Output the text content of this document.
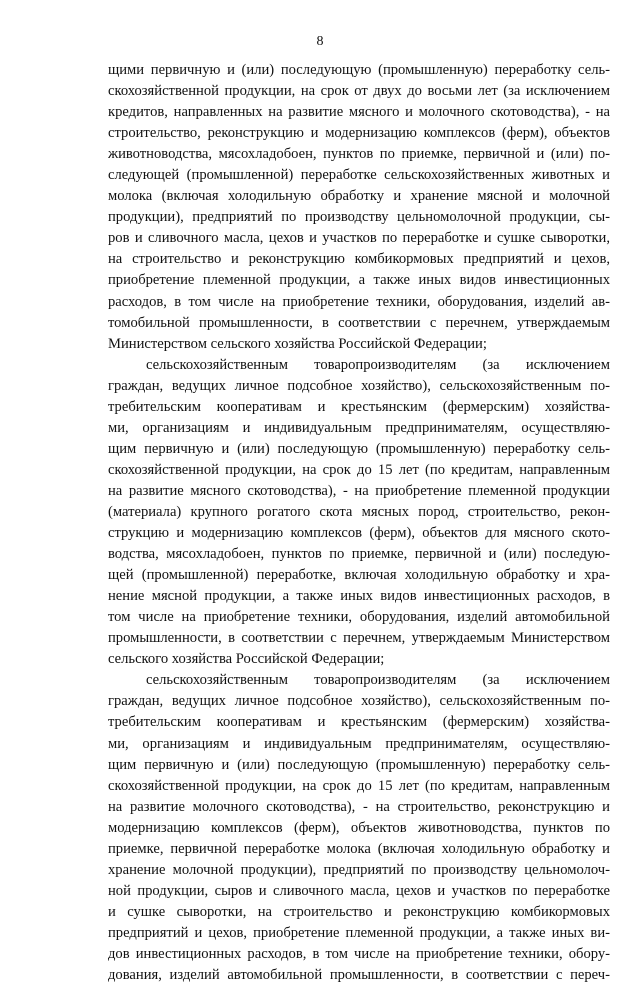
8
щими первичную и (или) последующую (промышленную) переработку сель-
скохозяйственной продукции, на срок от двух до восьми лет (за исключением
кредитов, направленных на развитие мясного и молочного скотоводства), - на
строительство, реконструкцию и модернизацию комплексов (ферм), объектов
животноводства, мясохладобоен, пунктов по приемке, первичной и (или) по-
следующей (промышленной) переработке сельскохозяйственных животных и
молока (включая холодильную обработку и хранение мясной и молочной
продукции), предприятий по производству цельномолочной продукции, сы-
ров и сливочного масла, цехов и участков по переработке и сушке сыворотки,
на строительство и реконструкцию комбикормовых предприятий и цехов,
приобретение племенной продукции, а также иных видов инвестиционных
расходов, в том числе на приобретение техники, оборудования, изделий ав-
томобильной промышленности, в соответствии с перечнем, утверждаемым
Министерством сельского хозяйства Российской Федерации;
сельскохозяйственным товаропроизводителям (за исключением
граждан, ведущих личное подсобное хозяйство), сельскохозяйственным по-
требительским кооперативам и крестьянским (фермерским) хозяйства-
ми, организациям и индивидуальным предпринимателям, осуществляю-
щим первичную и (или) последующую (промышленную) переработку сель-
скохозяйственной продукции, на срок до 15 лет (по кредитам, направленным
на развитие мясного скотоводства), - на приобретение племенной продукции
(материала) крупного рогатого скота мясных пород, строительство, рекон-
струкцию и модернизацию комплексов (ферм), объектов для мясного ското-
водства, мясохладобоен, пунктов по приемке, первичной и (или) последую-
щей (промышленной) переработке, включая холодильную обработку и хра-
нение мясной продукции, а также иных видов инвестиционных расходов, в
том числе на приобретение техники, оборудования, изделий автомобильной
промышленности, в соответствии с перечнем, утверждаемым Министерством
сельского хозяйства Российской Федерации;
сельскохозяйственным товаропроизводителям (за исключением
граждан, ведущих личное подсобное хозяйство), сельскохозяйственным по-
требительским кооперативам и крестьянским (фермерским) хозяйства-
ми, организациям и индивидуальным предпринимателям, осуществляю-
щим первичную и (или) последующую (промышленную) переработку сель-
скохозяйственной продукции, на срок до 15 лет (по кредитам, направленным
на развитие молочного скотоводства), - на строительство, реконструкцию и
модернизацию комплексов (ферм), объектов животноводства, пунктов по
приемке, первичной переработке молока (включая холодильную обработку и
хранение молочной продукции), предприятий по производству цельномолоч-
ной продукции, сыров и сливочного масла, цехов и участков по переработке
и сушке сыворотки, на строительство и реконструкцию комбикормовых
предприятий и цехов, приобретение племенной продукции, а также иных ви-
дов инвестиционных расходов, в том числе на приобретение техники, обору-
дования, изделий автомобильной промышленности, в соответствии с переч-
